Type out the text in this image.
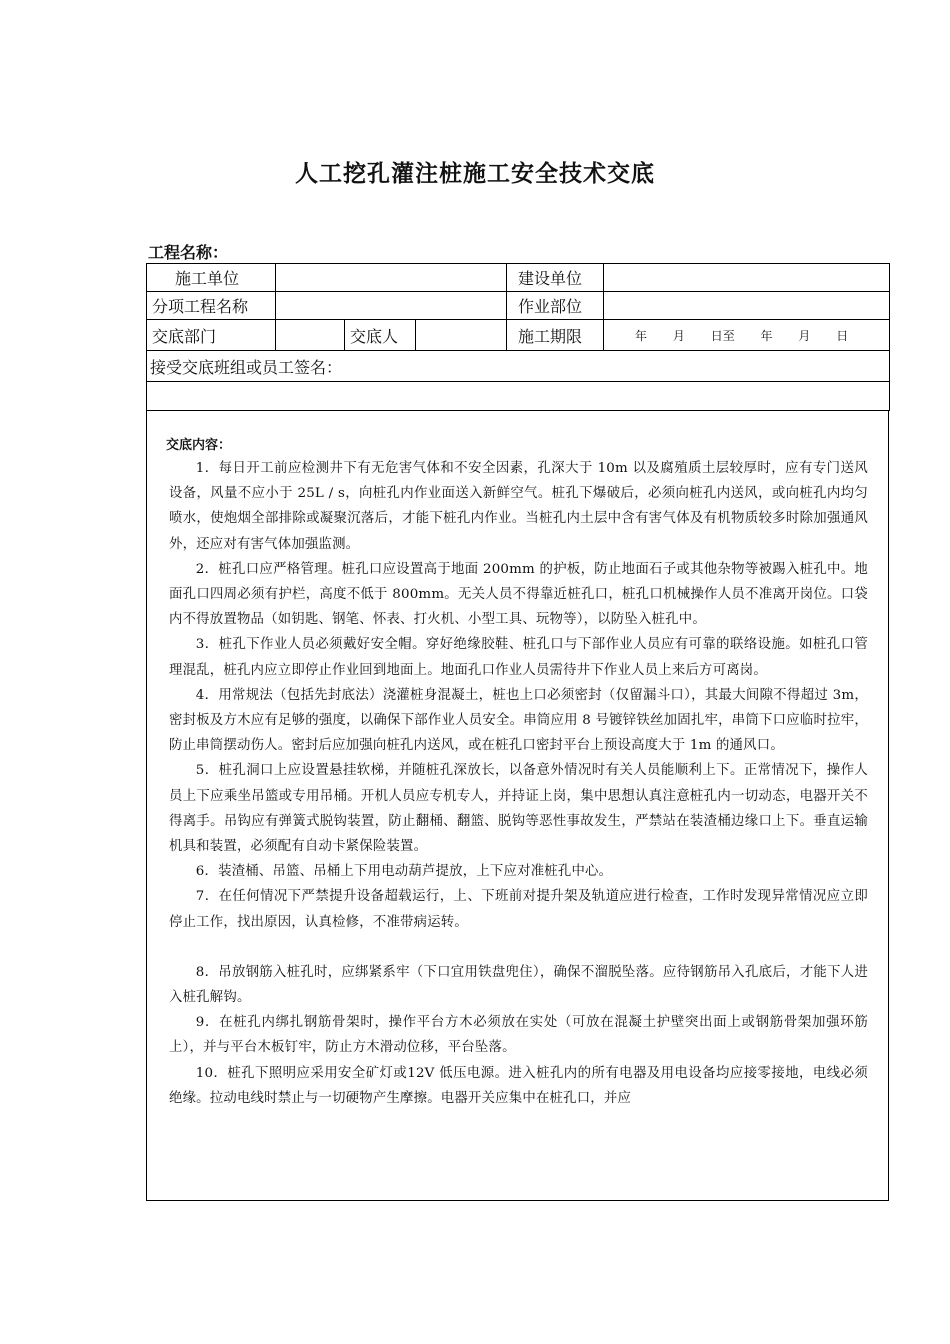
人工挖孔灌注桩施工安全技术交底
工程名称：
施工单位				建设单位	
分项工程名称				作业部位	
交底部门		交底人		施工期限	年 月 日至 年 月 日
接受交底班组或员工签名：					

交底内容：

1．每日开工前应检测井下有无危害气体和不安全因素，孔深大于 10m 以及腐殖质土层较厚时，应有专门送风设备，风量不应小于 25L / s，向桩孔内作业面送入新鲜空气。桩孔下爆破后，必须向桩孔内送风，或向桩孔内均匀喷水，使炮烟全部排除或凝聚沉落后，才能下桩孔内作业。当桩孔内土层中含有害气体及有机物质较多时除加强通风外，还应对有害气体加强监测。

2．桩孔口应严格管理。桩孔口应设置高于地面 200mm 的护板，防止地面石子或其他杂物等被踢入桩孔中。地面孔口四周必须有护栏，高度不低于 800mm。无关人员不得靠近桩孔口，桩孔口机械操作人员不准离开岗位。口袋内不得放置物品（如钥匙、钢笔、怀表、打火机、小型工具、玩物等），以防坠入桩孔中。

3．桩孔下作业人员必须戴好安全帽。穿好绝缘胶鞋、桩孔口与下部作业人员应有可靠的联络设施。如桩孔口管理混乱，桩孔内应立即停止作业回到地面上。地面孔口作业人员需待井下作业人员上来后方可离岗。

4．用常规法（包括先封底法）浇灌桩身混凝土，桩也上口必须密封（仅留漏斗口），其最大间隙不得超过 3m，密封板及方木应有足够的强度，以确保下部作业人员安全。串筒应用 8 号镀锌铁丝加固扎牢，串筒下口应临时拉牢，防止串筒摆动伤人。密封后应加强向桩孔内送风，或在桩孔口密封平台上预设高度大于 1m 的通风口。

5．桩孔洞口上应设置悬挂软梯，并随桩孔深放长，以备意外情况时有关人员能顺利上下。正常情况下，操作人员上下应乘坐吊篮或专用吊桶。开机人员应专机专人，并持证上岗，集中思想认真注意桩孔内一切动态，电器开关不得离手。吊钩应有弹簧式脱钩装置，防止翻桶、翻篮、脱钩等恶性事故发生，严禁站在装渣桶边缘口上下。垂直运输机具和装置，必须配有自动卡紧保险装置。

6．装渣桶、吊篮、吊桶上下用电动葫芦提放，上下应对准桩孔中心。

7．在任何情况下严禁提升设备超载运行，上、下班前对提升架及轨道应进行检查，工作时发现异常情况应立即停止工作，找出原因，认真检修，不准带病运转。

8．吊放钢筋入桩孔时，应绑紧系牢（下口宜用铁盘兜住），确保不溜脱坠落。应待钢筋吊入孔底后，才能下人进入桩孔解钩。

9．在桩孔内绑扎钢筋骨架时，操作平台方木必须放在实处（可放在混凝土护壁突出面上或钢筋骨架加强环筋上），并与平台木板钉牢，防止方木滑动位移，平台坠落。

10．桩孔下照明应采用安全矿灯或12V 低压电源。进入桩孔内的所有电器及用电设备均应接零接地，电线必须绝缘。拉动电线时禁止与一切硬物产生摩擦。电器开关应集中在桩孔口，并应
